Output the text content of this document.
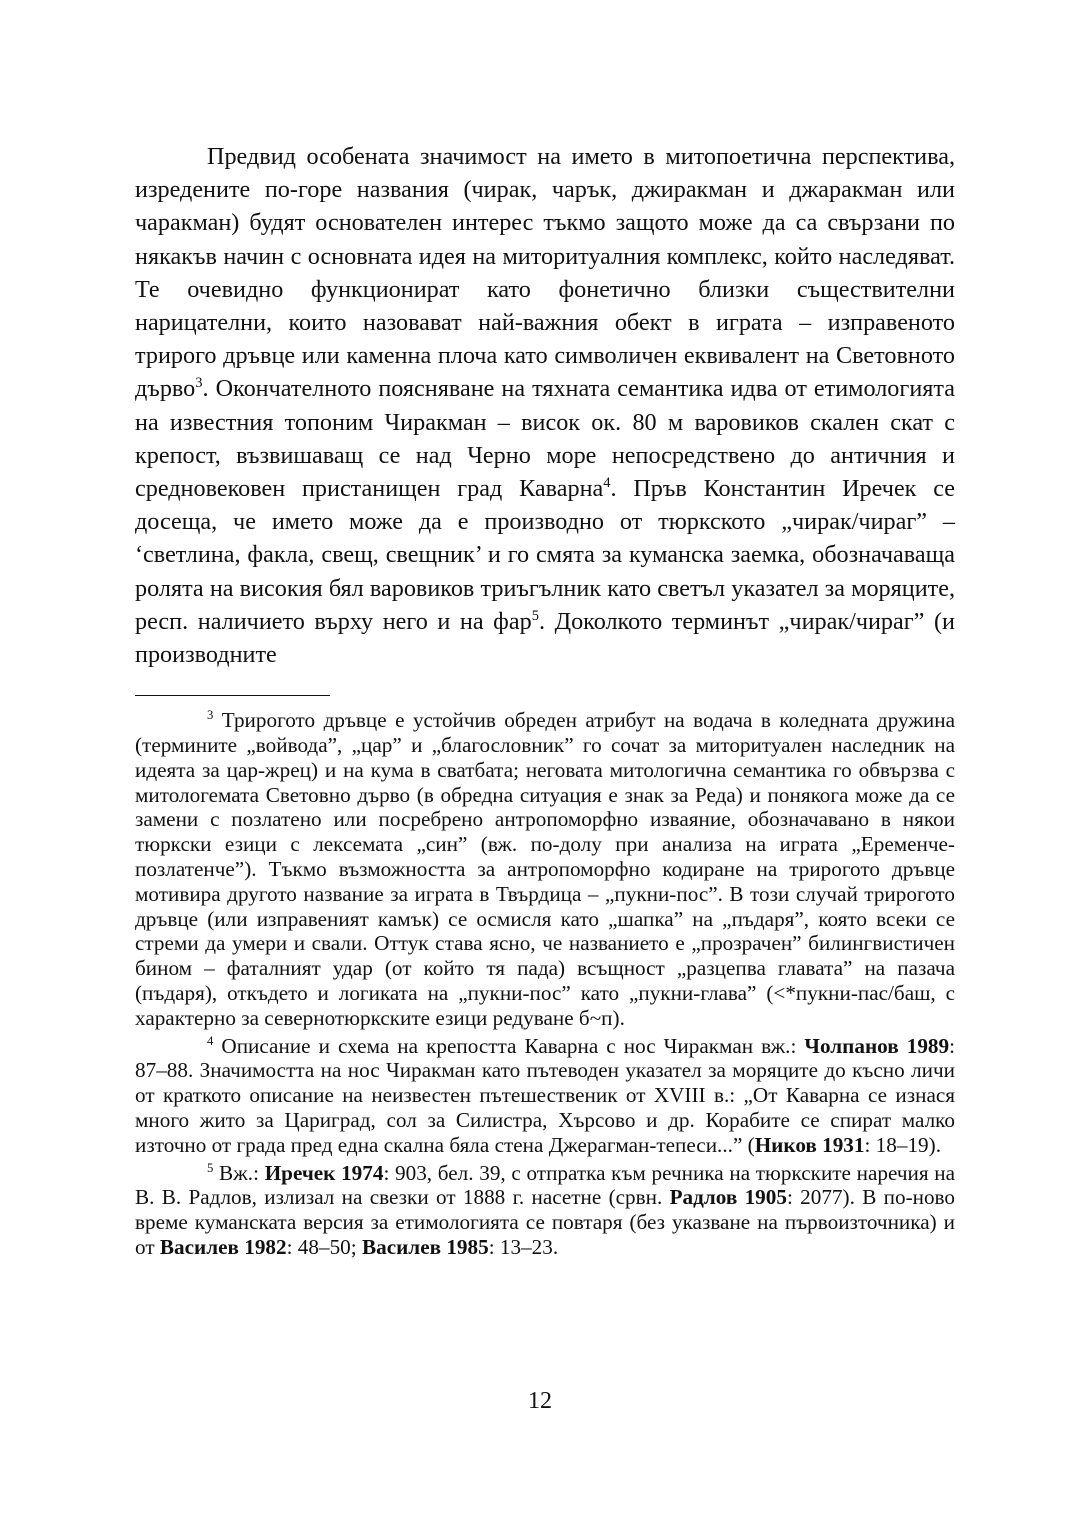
Предвид особената значимост на името в митопоетична перспектива, изредените по-горе названия (чирак, чарък, джиракман и джаракман или чаракман) будят основателен интерес тъкмо защото може да са свързани по някакъв начин с основната идея на миторитуалния комплекс, който наследяват. Те очевидно функционират като фонетично близки съществителни нарицателни, които назовават най-важния обект в играта – изправеното трирого дръвце или каменна плоча като символичен еквивалент на Световното дърво$^3$. Окончателното поясняване на тяхната семантика идва от етимологията на известния топоним Чиракман – висок ок. 80 м варовиков скален скат с крепост, възвишаващ се над Черно море непосредствено до античния и средновековен пристанищен град Каварна$^4$. Пръв Константин Иречек се досеща, че името може да е производно от тюркското „чирак/чираг” – ‘светлина, факла, свещ, свещник’ и го смята за куманска заемка, обозначаваща ролята на високия бял варовиков триъгълник като светъл указател за моряците, респ. наличието върху него и на фар$^5$. Доколкото терминът „чирак/чираг” (и производните

$^3$ Трирогото дръвце е устойчив обреден атрибут на водача в коледната дружина (термините „войвода”, „цар” и „благословник” го сочат за миторитуален наследник на идеята за цар-жрец) и на кума в сватбата; неговата митологична семантика го обвързва с митологемата Световно дърво (в обредна ситуация е знак за Реда) и понякога може да се замени с позлатено или посребрено антропоморфно изваяние, обозначавано в някои тюркски езици с лексемата „син” (вж. по-долу при анализа на играта „Еременче-позлатенче”). Тъкмо възможността за антропоморфно кодиране на трирогото дръвце мотивира другото название за играта в Твърдица – „пукни-пос”. В този случай трирогото дръвце (или изправеният камък) се осмисля като „шапка” на „пъдаря”, която всеки се стреми да умери и свали. Оттук става ясно, че названието е „прозрачен” билингвистичен бином – фаталният удар (от който тя пада) всъщност „разцепва главата” на пазача (пъдаря), откъдето и логиката на „пукни-пос” като „пукни-глава” (<*пукни-пас/баш, с характерно за севернотюркските езици редуване б~п).

$^4$ Описание и схема на крепостта Каварна с нос Чиракман вж.: Чолпанов 1989: 87–88. Значимостта на нос Чиракман като пътеводен указател за моряците до късно личи от краткото описание на неизвестен пътешественик от XVIII в.: „От Каварна се изнася много жито за Цариград, сол за Силистра, Хърсово и др. Корабите се спират малко източно от града пред една скална бяла стена Джерагман-тепеси...” (Ников 1931: 18–19).

$^5$ Вж.: Иречек 1974: 903, бел. 39, с отпратка към речника на тюркските наречия на В. В. Радлов, излизал на свезки от 1888 г. насетне (срвн. Радлов 1905: 2077). В по-ново време куманската версия за етимологията се повтаря (без указване на първоизточника) и от Василев 1982: 48–50; Василев 1985: 13–23.

12
